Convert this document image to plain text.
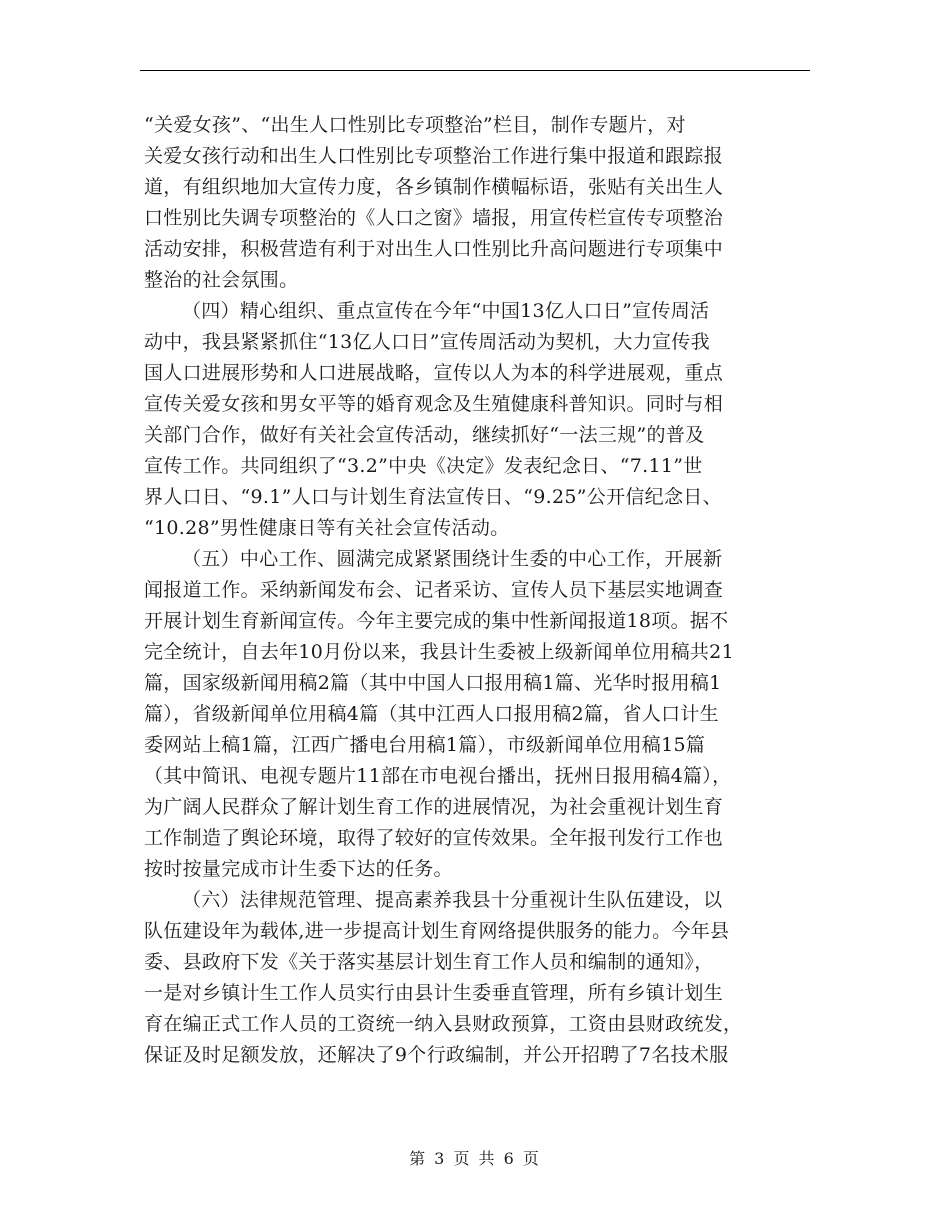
“关爱女孩”、“出生人口性别比专项整治”栏目，制作专题片，对
关爱女孩行动和出生人口性别比专项整治工作进行集中报道和跟踪报
道，有组织地加大宣传力度，各乡镇制作横幅标语，张贴有关出生人
口性别比失调专项整治的《人口之窗》墙报，用宣传栏宣传专项整治
活动安排，积极营造有利于对出生人口性别比升高问题进行专项集中
整治的社会氛围。
（四）精心组织、重点宣传在今年“中国13亿人口日”宣传周活
动中，我县紧紧抓住“13亿人口日”宣传周活动为契机，大力宣传我
国人口进展形势和人口进展战略，宣传以人为本的科学进展观，重点
宣传关爱女孩和男女平等的婚育观念及生殖健康科普知识。同时与相
关部门合作，做好有关社会宣传活动，继续抓好“一法三规”的普及
宣传工作。共同组织了“3.2”中央《决定》发表纪念日、“7.11”世
界人口日、“9.1”人口与计划生育法宣传日、“9.25”公开信纪念日、
“10.28”男性健康日等有关社会宣传活动。
（五）中心工作、圆满完成紧紧围绕计生委的中心工作，开展新
闻报道工作。采纳新闻发布会、记者采访、宣传人员下基层实地调查
开展计划生育新闻宣传。今年主要完成的集中性新闻报道18项。据不
完全统计，自去年10月份以来，我县计生委被上级新闻单位用稿共21
篇，国家级新闻用稿2篇（其中中国人口报用稿1篇、光华时报用稿1
篇），省级新闻单位用稿4篇（其中江西人口报用稿2篇，省人口计生
委网站上稿1篇，江西广播电台用稿1篇），市级新闻单位用稿15篇
（其中简讯、电视专题片11部在市电视台播出，抚州日报用稿4篇），
为广阔人民群众了解计划生育工作的进展情况，为社会重视计划生育
工作制造了舆论环境，取得了较好的宣传效果。全年报刊发行工作也
按时按量完成市计生委下达的任务。
（六）法律规范管理、提高素养我县十分重视计生队伍建设，以
队伍建设年为载体,进一步提高计划生育网络提供服务的能力。今年县
委、县政府下发《关于落实基层计划生育工作人员和编制的通知》，
一是对乡镇计生工作人员实行由县计生委垂直管理，所有乡镇计划生
育在编正式工作人员的工资统一纳入县财政预算，工资由县财政统发，
保证及时足额发放，还解决了9个行政编制，并公开招聘了7名技术服
第 3 页 共 6 页
